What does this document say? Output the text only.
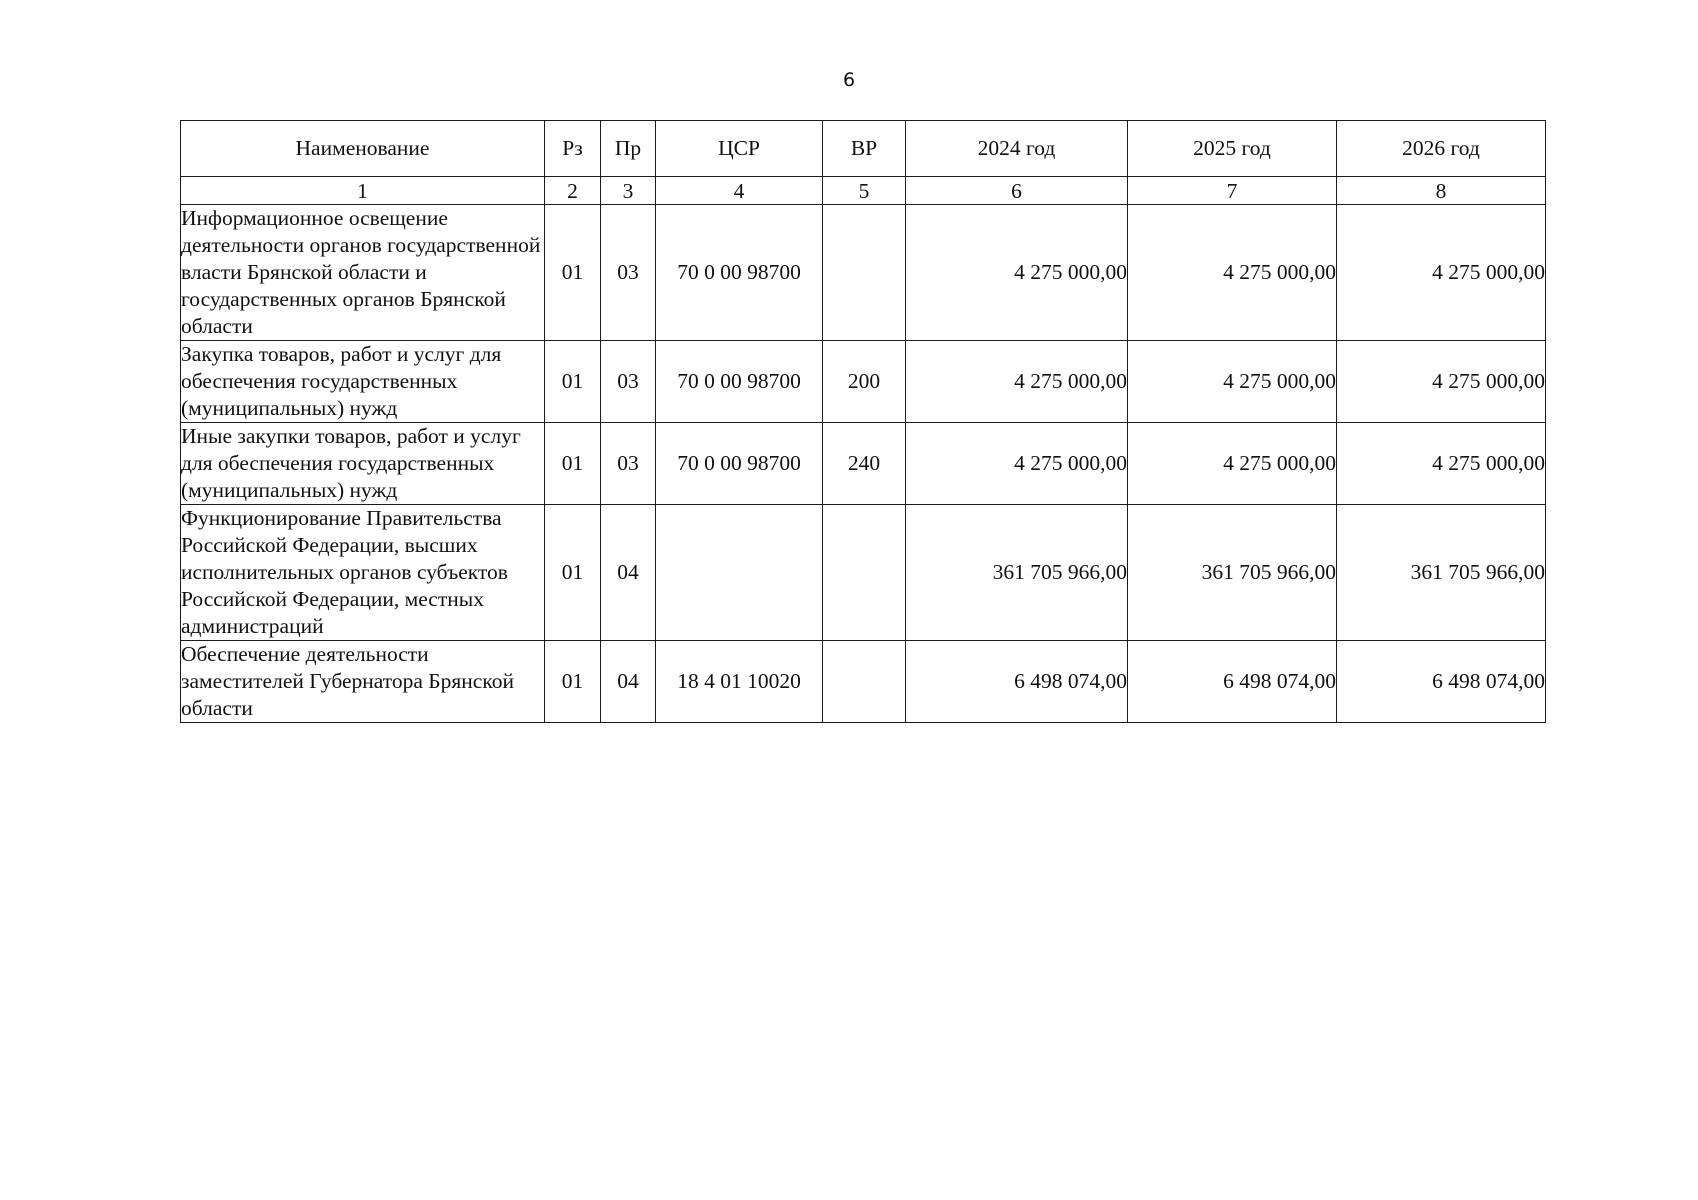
6
Наименование	Рз	Пр	ЦСР	ВР	2024 год	2025 год	2026 год
1	2	3	4	5	6	7	8
Информационное освещение деятельности органов государственной власти Брянской области и государственных органов Брянской области	01	03	70 0 00 98700		4 275 000,00	4 275 000,00	4 275 000,00
Закупка товаров, работ и услуг для обеспечения государственных (муниципальных) нужд	01	03	70 0 00 98700	200	4 275 000,00	4 275 000,00	4 275 000,00
Иные закупки товаров, работ и услуг для обеспечения государственных (муниципальных) нужд	01	03	70 0 00 98700	240	4 275 000,00	4 275 000,00	4 275 000,00
Функционирование Правительства Российской Федерации, высших исполнительных органов субъектов Российской Федерации, местных администраций	01	04			361 705 966,00	361 705 966,00	361 705 966,00
Обеспечение деятельности заместителей Губернатора Брянской области	01	04	18 4 01 10020		6 498 074,00	6 498 074,00	6 498 074,00
